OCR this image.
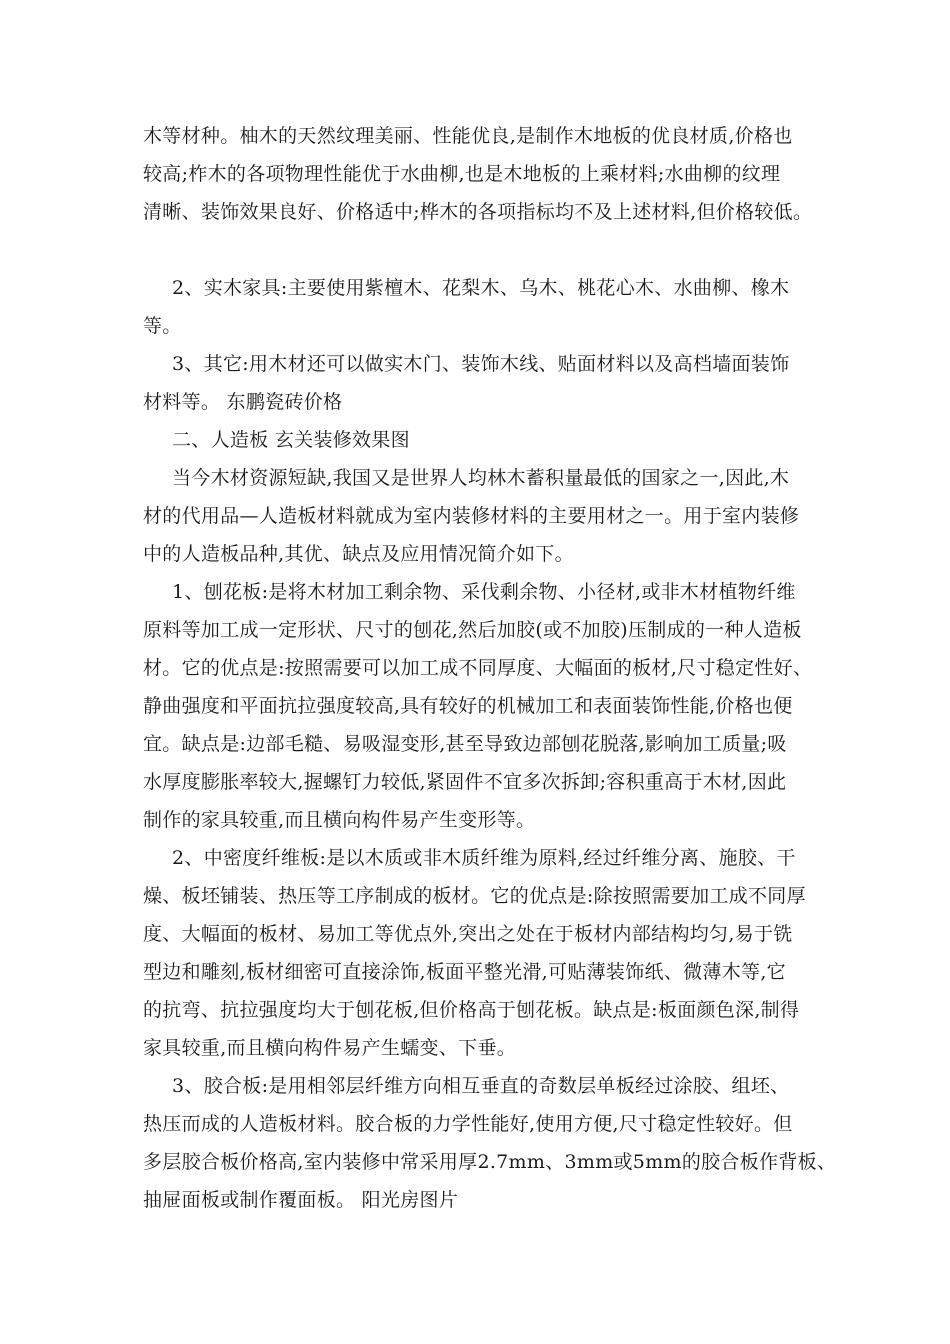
木等材种。柚木的天然纹理美丽、性能优良,是制作木地板的优良材质,价格也
较高;柞木的各项物理性能优于水曲柳,也是木地板的上乘材料;水曲柳的纹理
清晰、装饰效果良好、价格适中;桦木的各项指标均不及上述材料,但价格较低。
2、实木家具:主要使用紫檀木、花梨木、乌木、桃花心木、水曲柳、橡木
等。
3、其它:用木材还可以做实木门、装饰木线、贴面材料以及高档墙面装饰
材料等。 东鹏瓷砖价格
二、人造板 玄关装修效果图
当今木材资源短缺,我国又是世界人均林木蓄积量最低的国家之一,因此,木
材的代用品—人造板材料就成为室内装修材料的主要用材之一。用于室内装修
中的人造板品种,其优、缺点及应用情况简介如下。
1、刨花板:是将木材加工剩余物、采伐剩余物、小径材,或非木材植物纤维
原料等加工成一定形状、尺寸的刨花,然后加胶(或不加胶)压制成的一种人造板
材。它的优点是:按照需要可以加工成不同厚度、大幅面的板材,尺寸稳定性好、
静曲强度和平面抗拉强度较高,具有较好的机械加工和表面装饰性能,价格也便
宜。缺点是:边部毛糙、易吸湿变形,甚至导致边部刨花脱落,影响加工质量;吸
水厚度膨胀率较大,握螺钉力较低,紧固件不宜多次拆卸;容积重高于木材,因此
制作的家具较重,而且横向构件易产生变形等。
2、中密度纤维板:是以木质或非木质纤维为原料,经过纤维分离、施胶、干
燥、板坯铺装、热压等工序制成的板材。它的优点是:除按照需要加工成不同厚
度、大幅面的板材、易加工等优点外,突出之处在于板材内部结构均匀,易于铣
型边和雕刻,板材细密可直接涂饰,板面平整光滑,可贴薄装饰纸、微薄木等,它
的抗弯、抗拉强度均大于刨花板,但价格高于刨花板。缺点是:板面颜色深,制得
家具较重,而且横向构件易产生蠕变、下垂。
3、胶合板:是用相邻层纤维方向相互垂直的奇数层单板经过涂胶、组坯、
热压而成的人造板材料。胶合板的力学性能好,使用方便,尺寸稳定性较好。但
多层胶合板价格高,室内装修中常采用厚2.7mm、3mm或5mm的胶合板作背板、
抽屉面板或制作覆面板。 阳光房图片
